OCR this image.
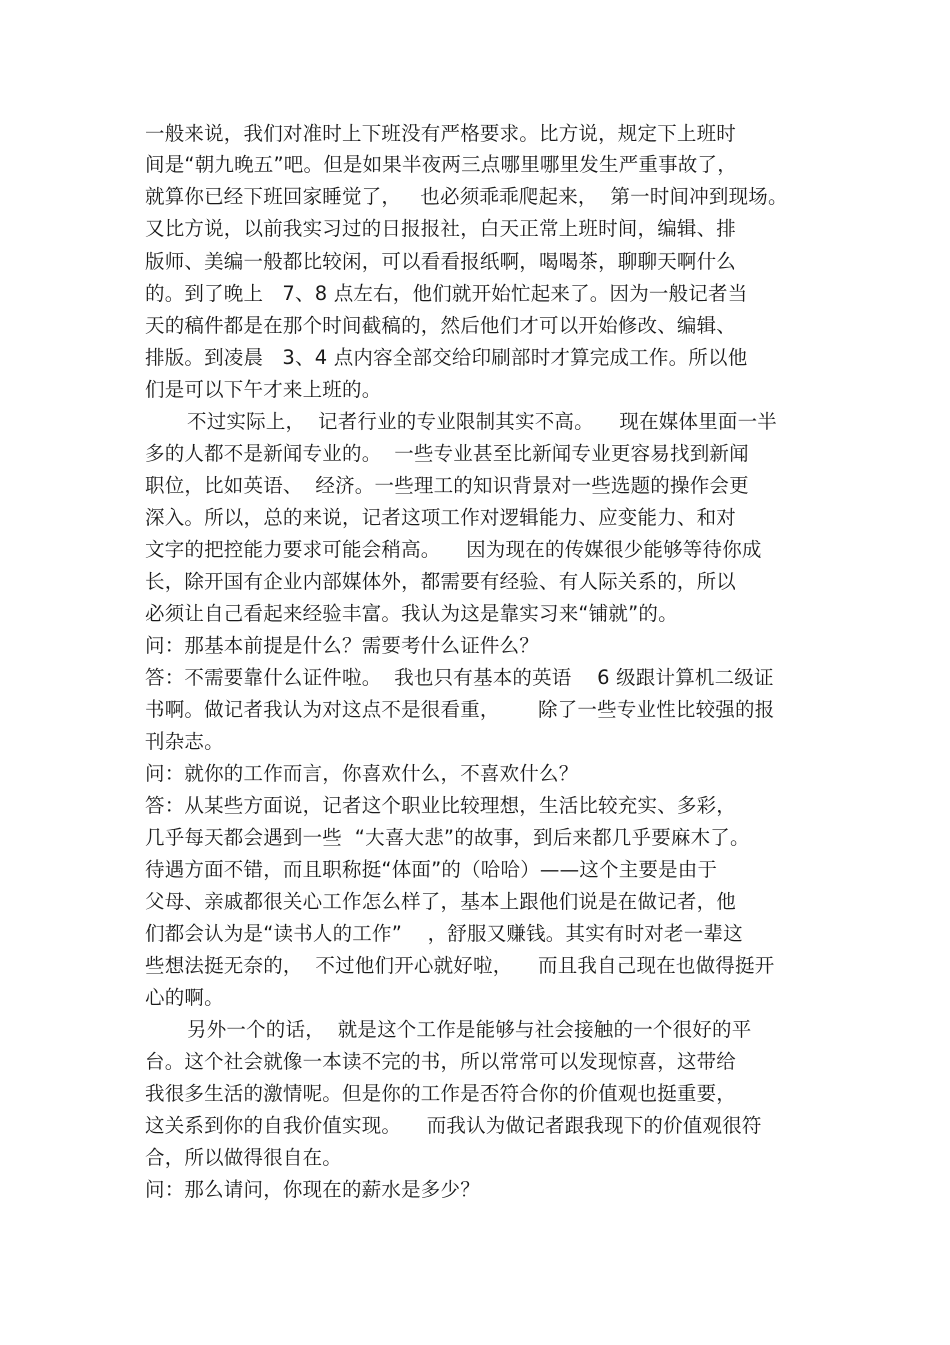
一般来说，我们对准时上下班没有严格要求。比方说，规定下上班时
间是“朝九晚五”吧。但是如果半夜两三点哪里哪里发生严重事故了，
就算你已经下班回家睡觉了，   也必须乖乖爬起来，  第一时间冲到现场。
又比方说，以前我实习过的日报报社，白天正常上班时间，编辑、排
版师、美编一般都比较闲，可以看看报纸啊，喝喝茶，聊聊天啊什么
的。到了晚上   7、8 点左右，他们就开始忙起来了。因为一般记者当
天的稿件都是在那个时间截稿的，然后他们才可以开始修改、编辑、
排版。到凌晨   3、4 点内容全部交给印刷部时才算完成工作。所以他
们是可以下午才来上班的。
不过实际上，  记者行业的专业限制其实不高。    现在媒体里面一半
多的人都不是新闻专业的。  一些专业甚至比新闻专业更容易找到新闻
职位，比如英语、  经济。一些理工的知识背景对一些选题的操作会更
深入。所以，总的来说，记者这项工作对逻辑能力、应变能力、和对
文字的把控能力要求可能会稍高。    因为现在的传媒很少能够等待你成
长，除开国有企业内部媒体外，都需要有经验、有人际关系的，所以
必须让自己看起来经验丰富。我认为这是靠实习来“铺就”的。
问：那基本前提是什么？需要考什么证件么？
答：不需要靠什么证件啦。  我也只有基本的英语    6 级跟计算机二级证
书啊。做记者我认为对这点不是很看重，      除了一些专业性比较强的报
刊杂志。
问：就你的工作而言，你喜欢什么，不喜欢什么？
答：从某些方面说，记者这个职业比较理想，生活比较充实、多彩，
几乎每天都会遇到一些  “大喜大悲”的故事，到后来都几乎要麻木了。
待遇方面不错，而且职称挺“体面”的（哈哈）——这个主要是由于
父母、亲戚都很关心工作怎么样了，基本上跟他们说是在做记者，他
们都会认为是“读书人的工作”    ，舒服又赚钱。其实有时对老一辈这
些想法挺无奈的，  不过他们开心就好啦，    而且我自己现在也做得挺开
心的啊。
另外一个的话，  就是这个工作是能够与社会接触的一个很好的平
台。这个社会就像一本读不完的书，所以常常可以发现惊喜，这带给
我很多生活的激情呢。但是你的工作是否符合你的价值观也挺重要，
这关系到你的自我价值实现。    而我认为做记者跟我现下的价值观很符
合，所以做得很自在。
问：那么请问，你现在的薪水是多少？
